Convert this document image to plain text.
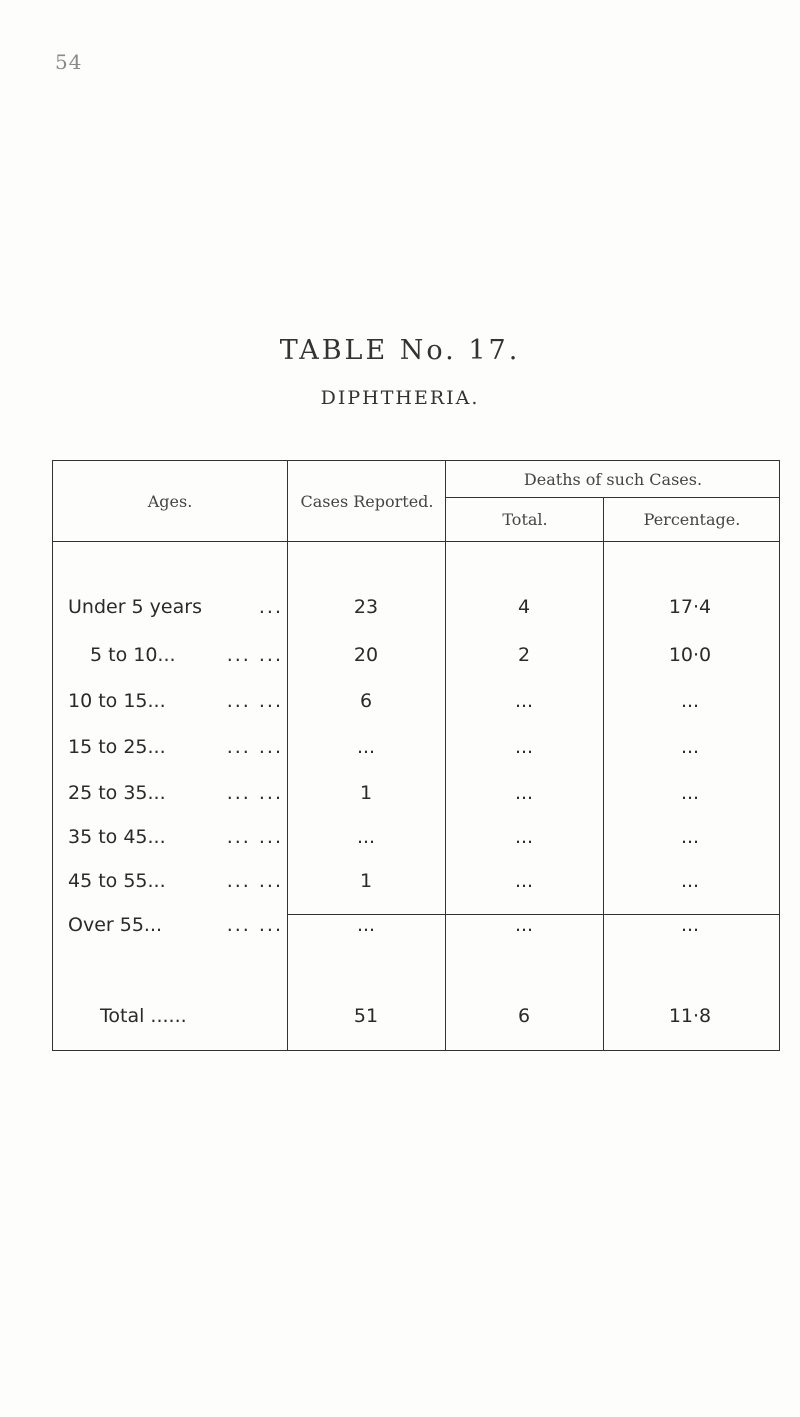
54
TABLE No. 17.
DIPHTHERIA.
Ages.	Cases Reported.
Deaths of such Cases.
Total.	Percentage.
Under 5 years	...	23	4	17·4
5 to 10...	... ...	20	2	10·0
10 to 15...	... ...	6	...	...
15 to 25...	... ...	...	...	...
25 to 35...	... ...	1	...	...
35 to 45...	... ...	...	...	...
45 to 55...	... ...	1	...	...
Over 55...	... ...	...	...	...
Total ......	51	6	11·8
